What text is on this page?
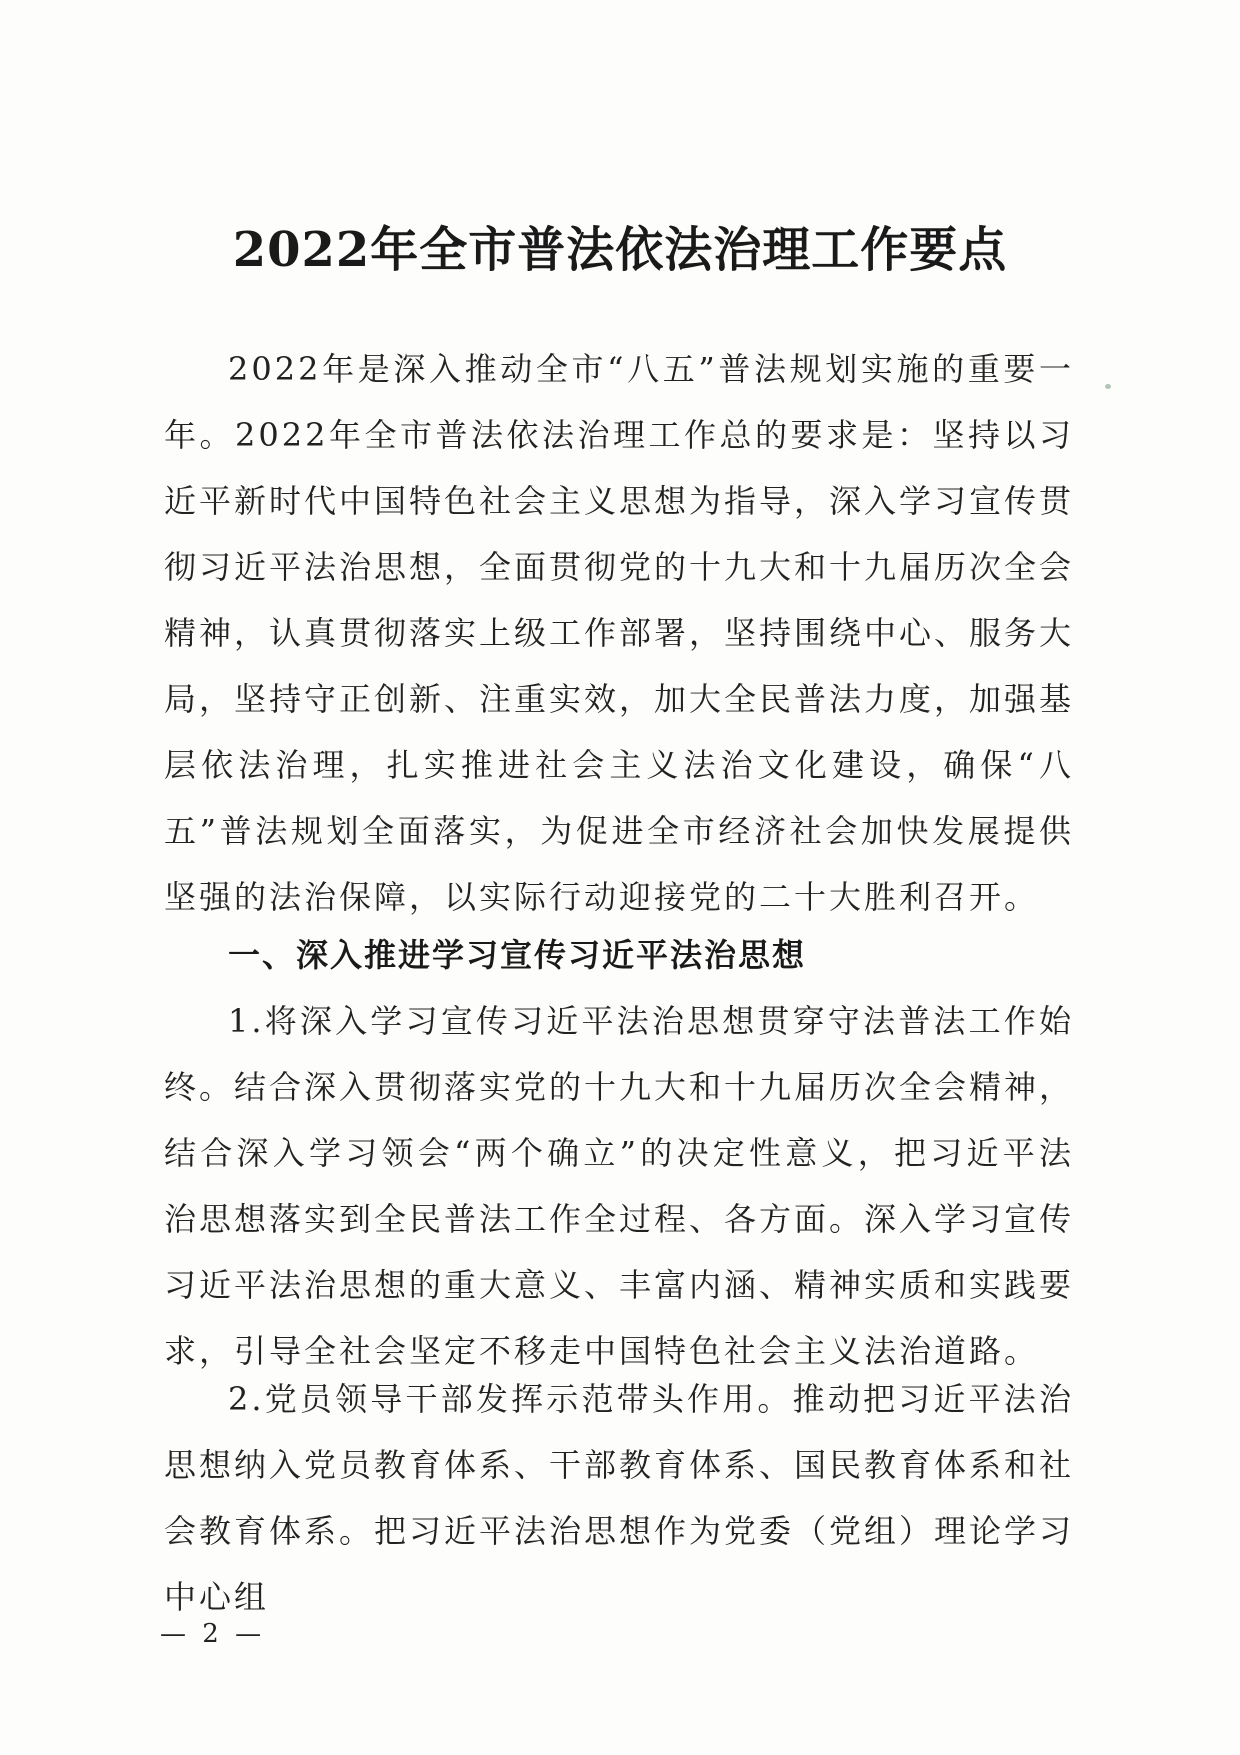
2022年全市普法依法治理工作要点

2022年是深入推动全市“八五”普法规划实施的重要一年。2022年全市普法依法治理工作总的要求是：坚持以习近平新时代中国特色社会主义思想为指导，深入学习宣传贯彻习近平法治思想，全面贯彻党的十九大和十九届历次全会精神，认真贯彻落实上级工作部署，坚持围绕中心、服务大局，坚持守正创新、注重实效，加大全民普法力度，加强基层依法治理，扎实推进社会主义法治文化建设，确保“八五”普法规划全面落实，为促进全市经济社会加快发展提供坚强的法治保障，以实际行动迎接党的二十大胜利召开。

一、深入推进学习宣传习近平法治思想

1.将深入学习宣传习近平法治思想贯穿守法普法工作始终。结合深入贯彻落实党的十九大和十九届历次全会精神，结合深入学习领会“两个确立”的决定性意义，把习近平法治思想落实到全民普法工作全过程、各方面。深入学习宣传习近平法治思想的重大意义、丰富内涵、精神实质和实践要求，引导全社会坚定不移走中国特色社会主义法治道路。

2.党员领导干部发挥示范带头作用。推动把习近平法治思想纳入党员教育体系、干部教育体系、国民教育体系和社会教育体系。把习近平法治思想作为党委（党组）理论学习中心组

— 2 —
